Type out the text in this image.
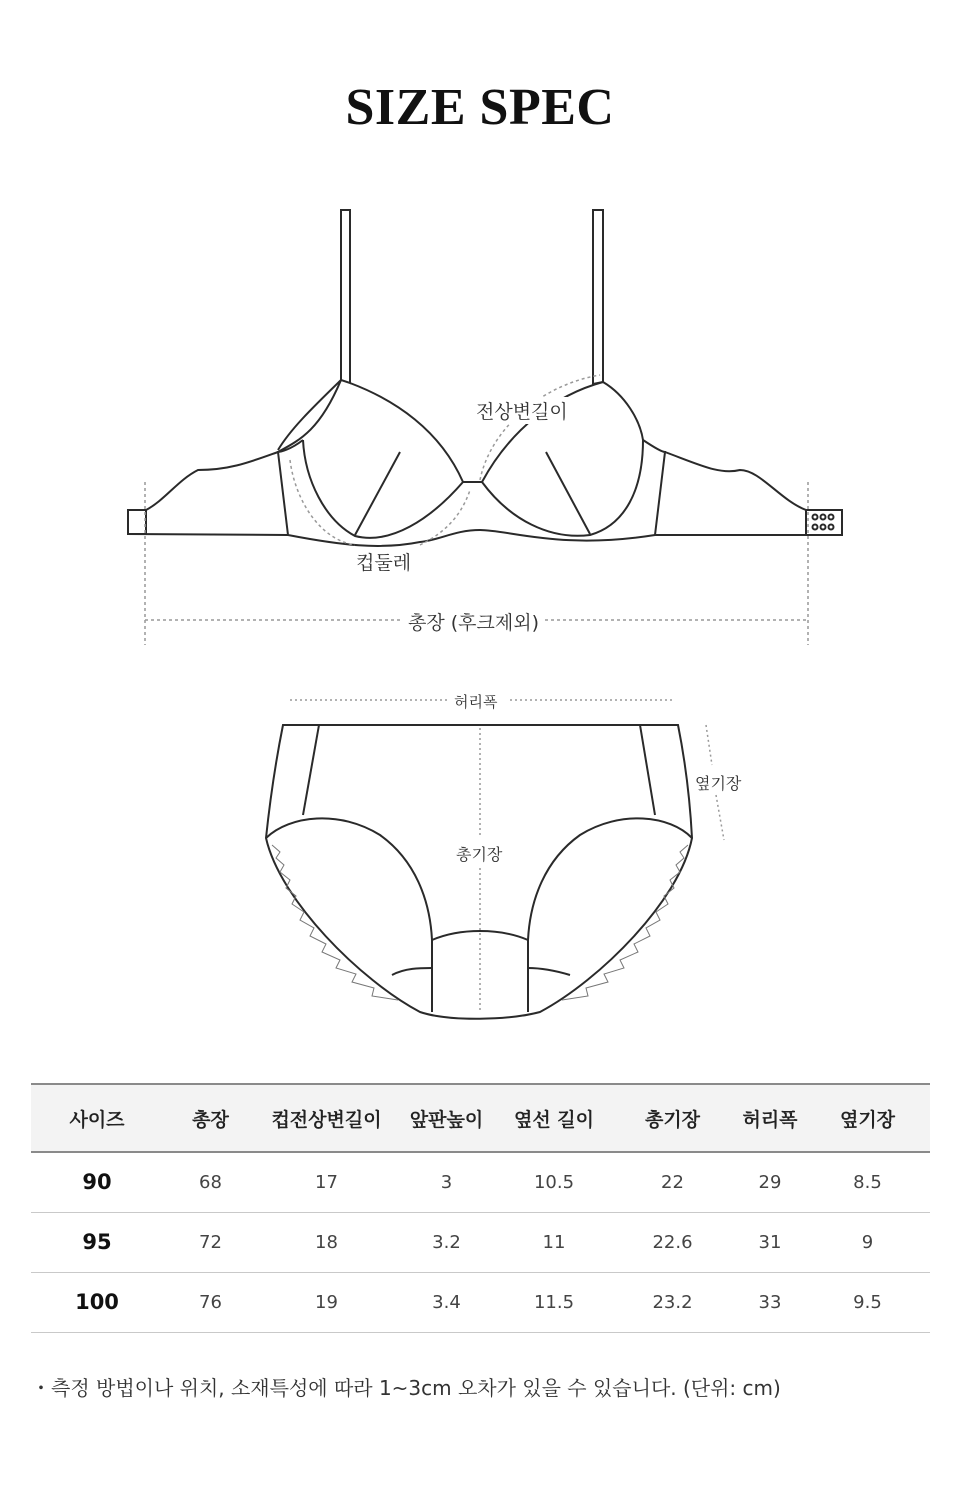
SIZE SPEC
전상변길이
컵둘레
총장 (후크제외)
허리폭
옆기장
총기장
사이즈	총장	컵전상변길이	앞판높이	옆선 길이	총기장	허리폭	옆기장
90	68	17	3	10.5	22	29	8.5
95	72	18	3.2	11	22.6	31	9
100	76	19	3.4	11.5	23.2	33	9.5
・측정 방법이나 위치, 소재특성에 따라 1~3cm 오차가 있을 수 있습니다. (단위: cm)
